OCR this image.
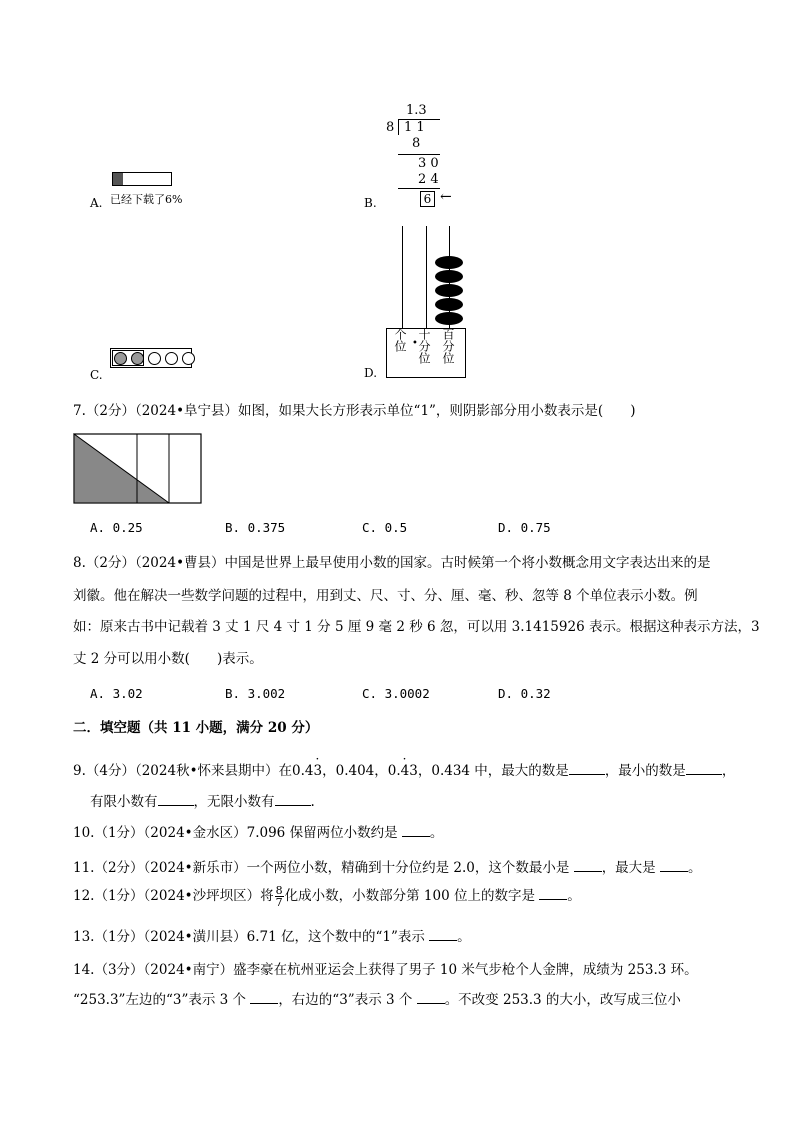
已经下载了6%
A.
1.3
8 1 1
8
3 0
2 4
6 ←
B.
C.
个位 • 十分位 百分位
D.
7.（2分）（2024•阜宁县）如图，如果大长方形表示单位“1”，则阴影部分用小数表示是(　　)
A. 0.25	B. 0.375	C. 0.5	D. 0.75
8.（2分）（2024•曹县）中国是世界上最早使用小数的国家。古时候第一个将小数概念用文字表达出来的是
刘徽。他在解决一些数学问题的过程中，用到丈、尺、寸、分、厘、毫、秒、忽等 8 个单位表示小数。例
如：原来古书中记载着 3 丈 1 尺 4 寸 1 分 5 厘 9 毫 2 秒 6 忽，可以用 3.1415926 表示。根据这种表示方法，3
丈 2 分可以用小数(　　)表示。
A. 3.02	B. 3.002	C. 3.0002	D. 0.32
二．填空题（共 11 小题，满分 20 分）
9.（4分）（2024秋•怀来县期中）在0.43 ·，0.404，0.43 ·，0.434 中，最大的数是	，最小的数是	，
有限小数有	，无限小数有	.
10.（1分）（2024•金水区）7.096 保留两位小数约是 。
11.（2分）（2024•新乐市）一个两位小数，精确到十分位约是 2.0，这个数最小是 ，最大是 。
12.（1分）（2024•沙坪坝区）将 $\frac{8}{7}$ 化成小数，小数部分第 100 位上的数字是 。
13.（1分）（2024•潢川县）6.71 亿，这个数中的“1”表示 。
14.（3分）（2024•南宁）盛李豪在杭州亚运会上获得了男子 10 米气步枪个人金牌，成绩为 253.3 环。
“253.3”左边的“3”表示 3 个 ，右边的“3”表示 3 个 。不改变 253.3 的大小，改写成三位小
